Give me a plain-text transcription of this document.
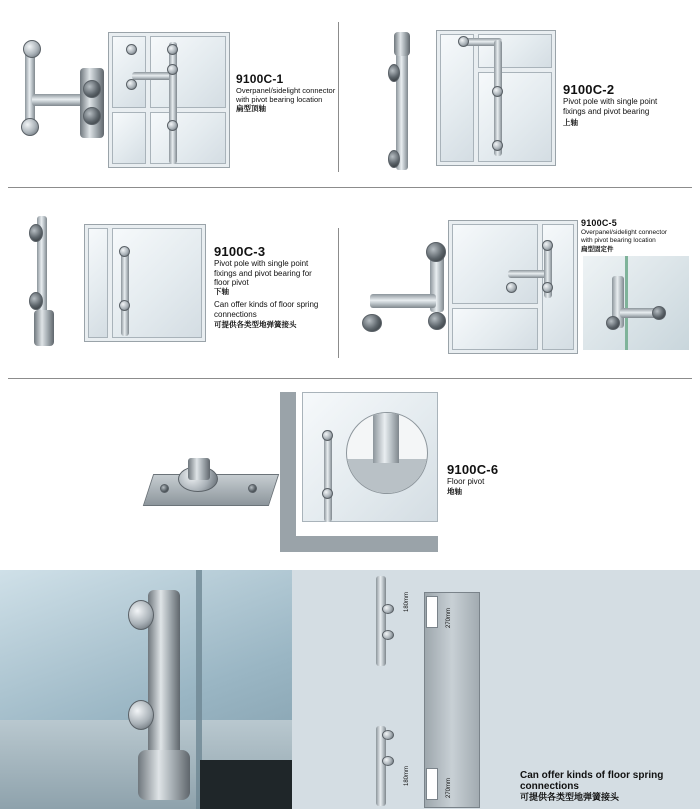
9100C-1
Overpanel/sidelight connector
with pivot bearing location
扁型顶轴
9100C-2
Pivot pole with single point
fixings and pivot bearing
上轴
9100C-3
Pivot pole with single point
fixings and pivot bearing for
floor pivot
下轴
Can offer kinds of floor spring
connections
可提供各类型地弹簧接头
9100C-5
Overpanel/sidelight connector
with pivot bearing location
扁型固定件
9100C-6
Floor pivot
地轴
180mm
270mm
180mm
270mm
Can offer kinds of floor spring
connections
可提供各类型地弹簧接头
